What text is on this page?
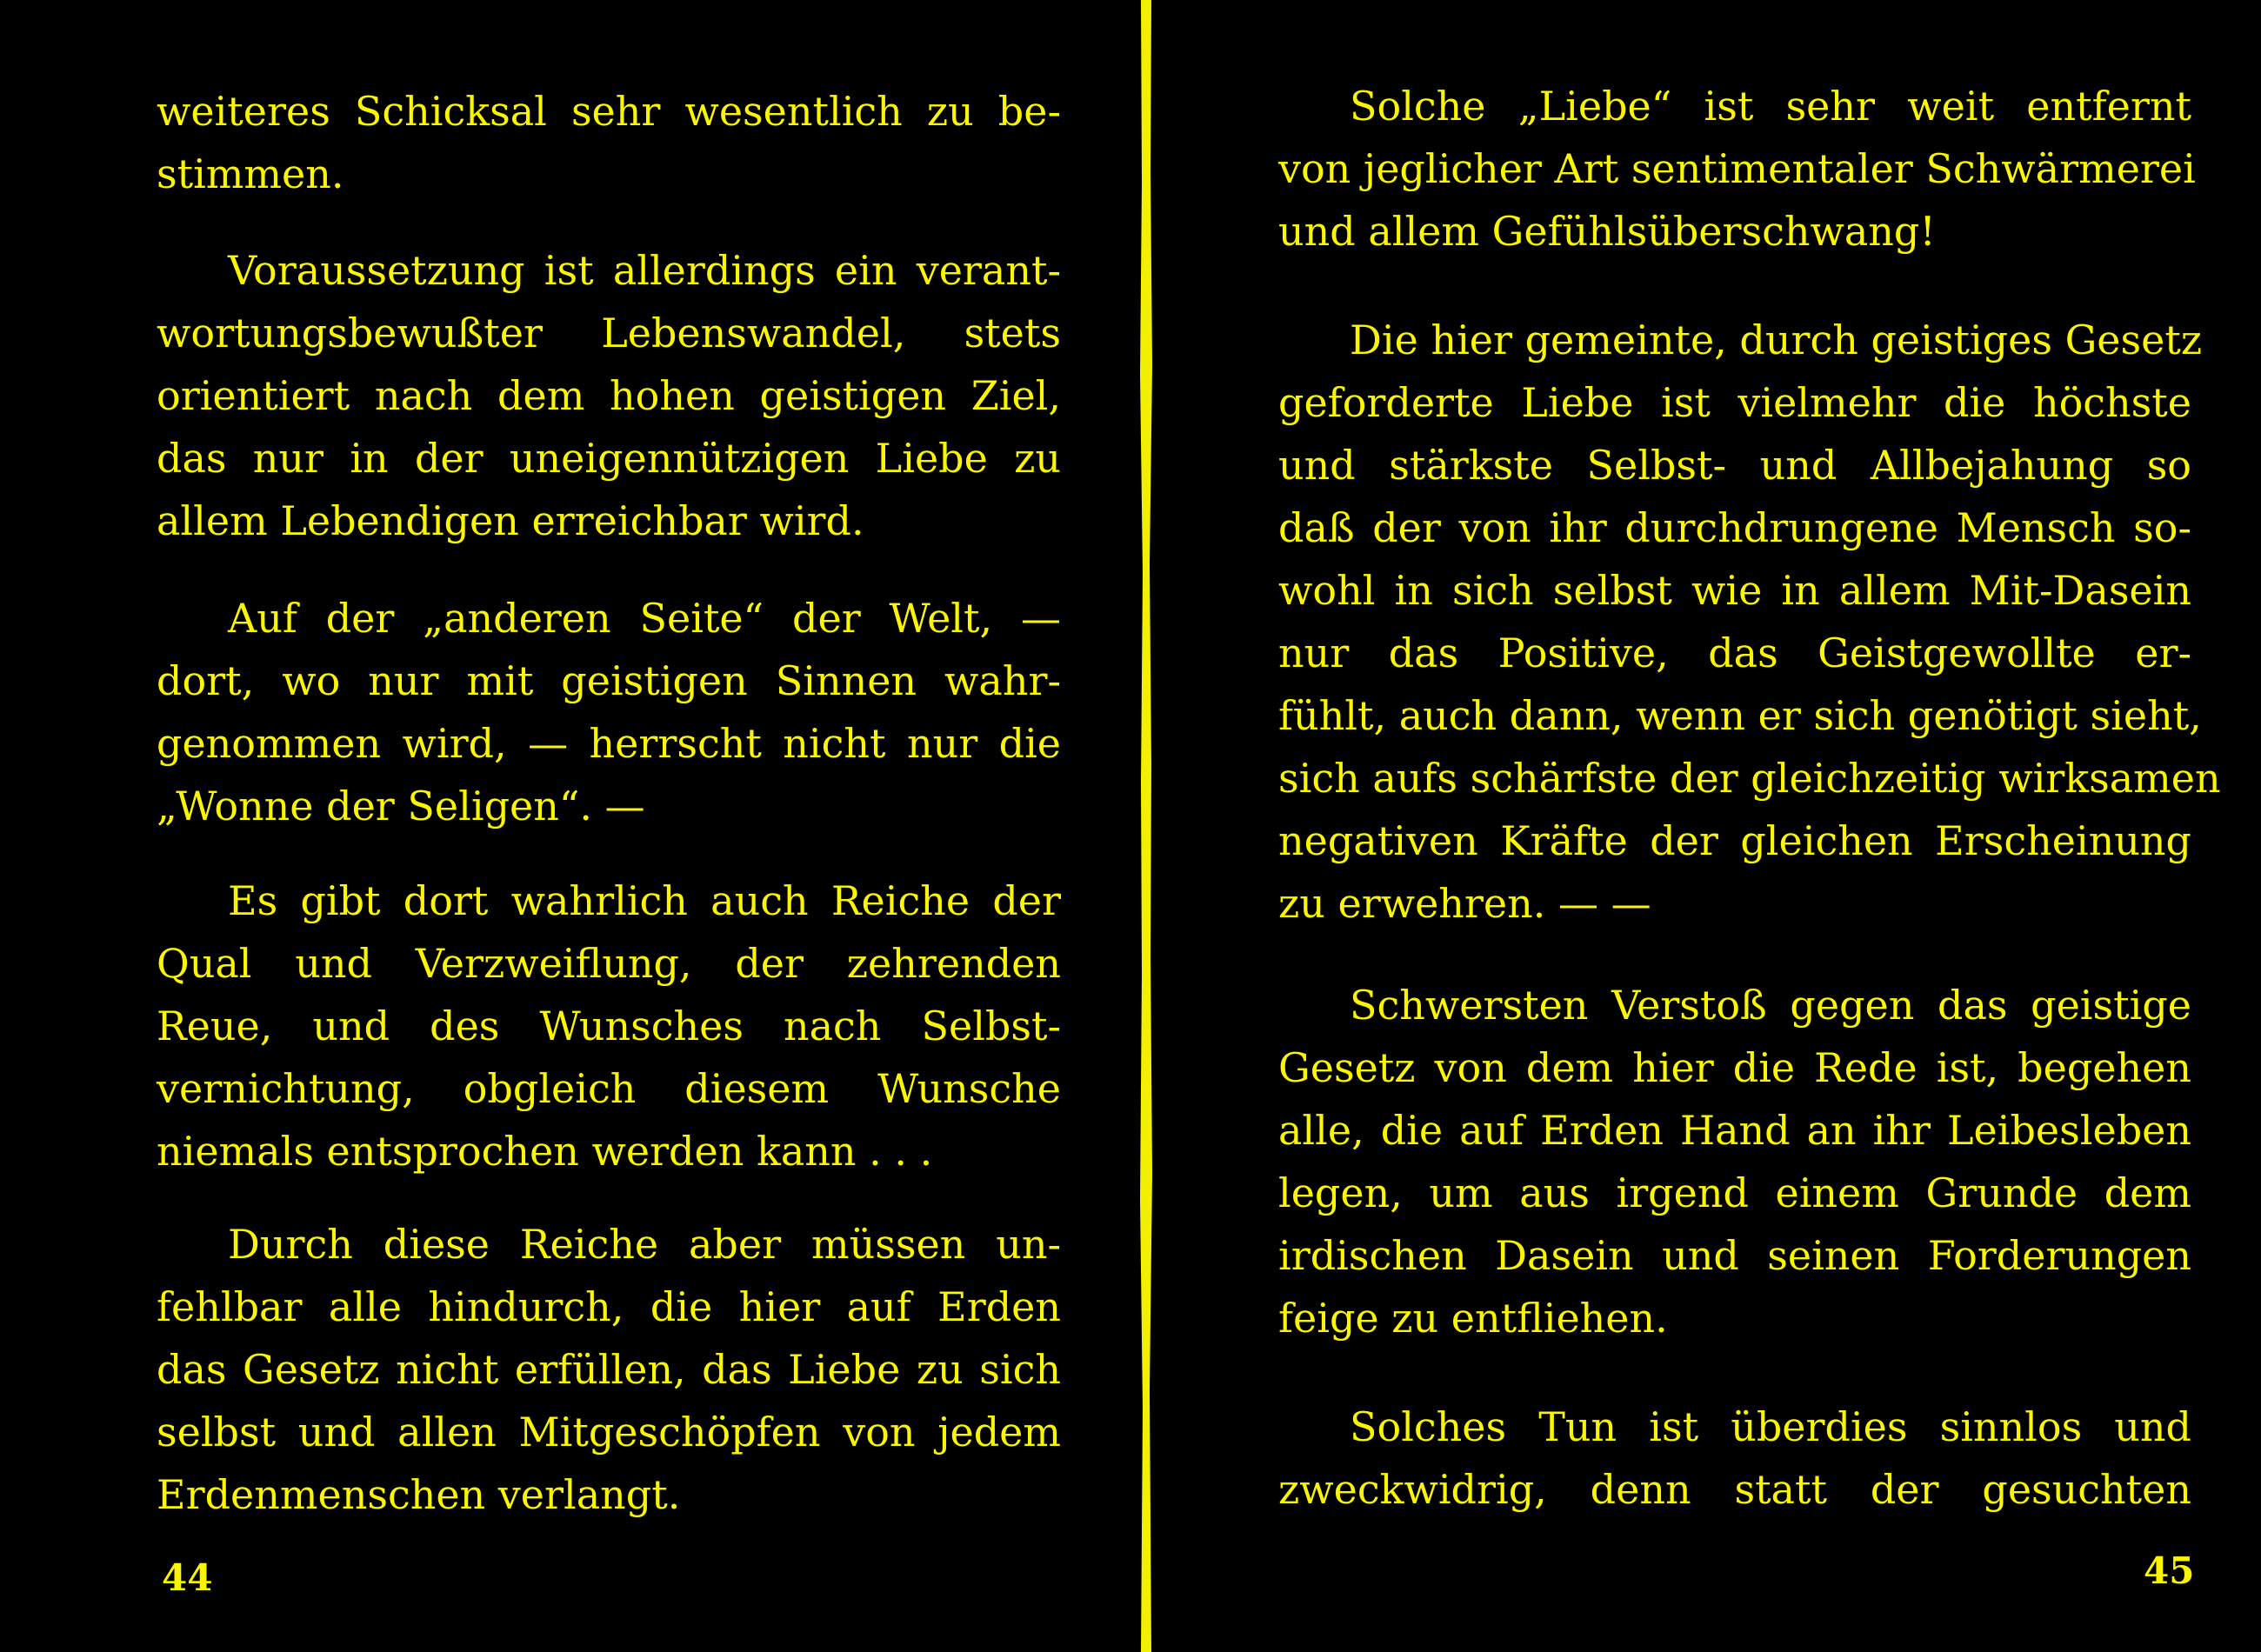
weiteres Schicksal sehr wesentlich zu be-
stimmen.
Voraussetzung ist allerdings ein verant-
wortungsbewußter Lebenswandel, stets
orientiert nach dem hohen geistigen Ziel,
das nur in der uneigennützigen Liebe zu
allem Lebendigen erreichbar wird.
Auf der „anderen Seite“ der Welt, —
dort, wo nur mit geistigen Sinnen wahr-
genommen wird, — herrscht nicht nur die
„Wonne der Seligen“. —
Es gibt dort wahrlich auch Reiche der
Qual und Verzweiflung, der zehrenden
Reue, und des Wunsches nach Selbst-
vernichtung, obgleich diesem Wunsche
niemals entsprochen werden kann . . .
Durch diese Reiche aber müssen un-
fehlbar alle hindurch, die hier auf Erden
das Gesetz nicht erfüllen, das Liebe zu sich
selbst und allen Mitgeschöpfen von jedem
Erdenmenschen verlangt.
44
Solche „Liebe“ ist sehr weit entfernt
von jeglicher Art sentimentaler Schwärmerei
und allem Gefühlsüberschwang!
Die hier gemeinte, durch geistiges Gesetz
geforderte Liebe ist vielmehr die höchste
und stärkste Selbst- und Allbejahung so
daß der von ihr durchdrungene Mensch so-
wohl in sich selbst wie in allem Mit-Dasein
nur das Positive, das Geistgewollte er-
fühlt, auch dann, wenn er sich genötigt sieht,
sich aufs schärfste der gleichzeitig wirksamen
negativen Kräfte der gleichen Erscheinung
zu erwehren. — —
Schwersten Verstoß gegen das geistige
Gesetz von dem hier die Rede ist, begehen
alle, die auf Erden Hand an ihr Leibesleben
legen, um aus irgend einem Grunde dem
irdischen Dasein und seinen Forderungen
feige zu entfliehen.
Solches Tun ist überdies sinnlos und
zweckwidrig, denn statt der gesuchten
45
